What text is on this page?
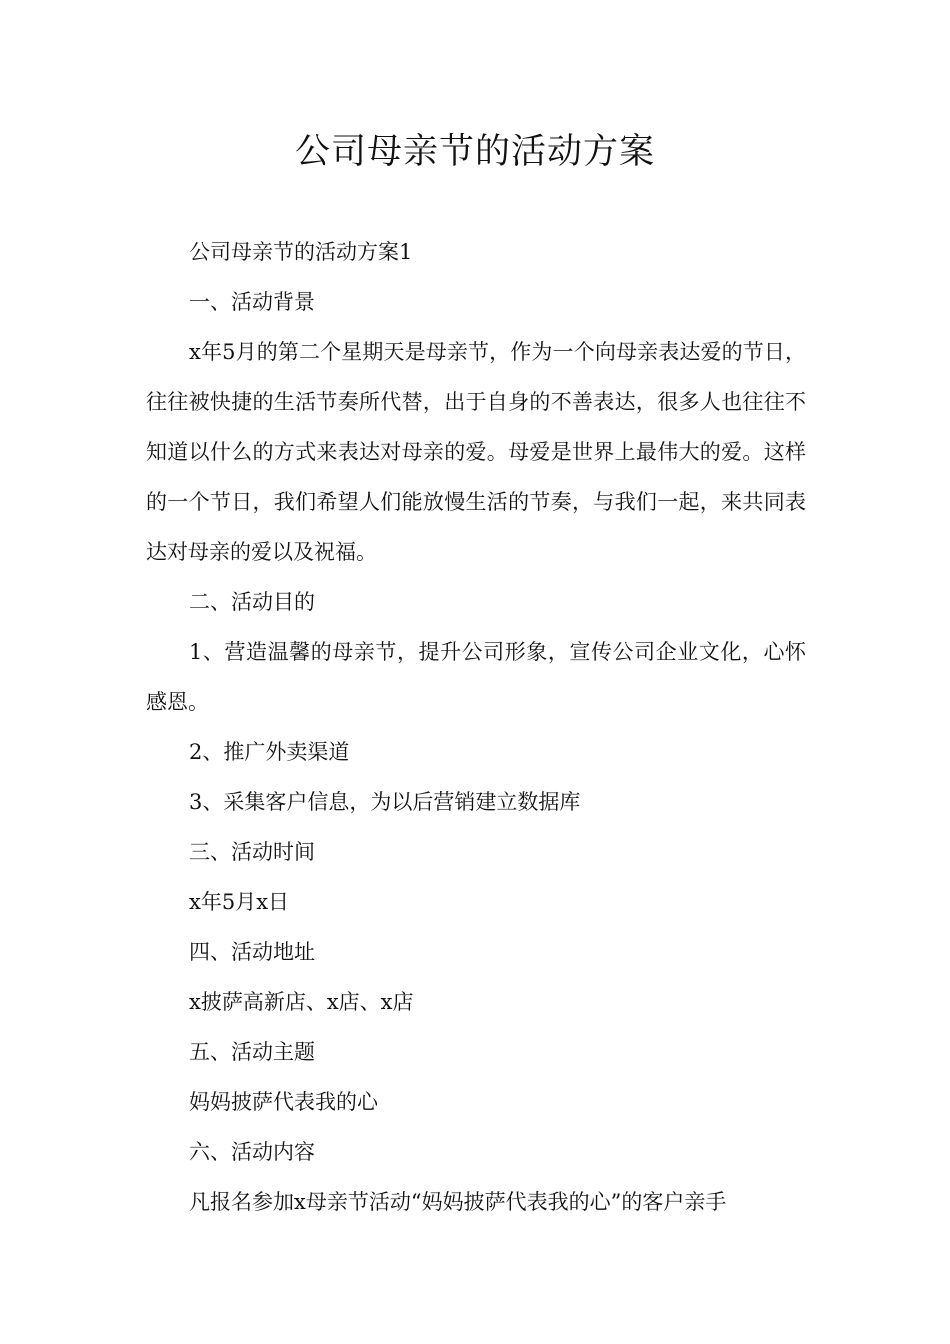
公司母亲节的活动方案

公司母亲节的活动方案1

一、活动背景

x年5月的第二个星期天是母亲节，作为一个向母亲表达爱的节日，往往被快捷的生活节奏所代替，出于自身的不善表达，很多人也往往不知道以什么的方式来表达对母亲的爱。母爱是世界上最伟大的爱。这样的一个节日，我们希望人们能放慢生活的节奏，与我们一起，来共同表达对母亲的爱以及祝福。

二、活动目的

1、营造温馨的母亲节，提升公司形象，宣传公司企业文化，心怀感恩。

2、推广外卖渠道

3、采集客户信息，为以后营销建立数据库

三、活动时间

x年5月x日

四、活动地址

x披萨高新店、x店、x店

五、活动主题

妈妈披萨代表我的心

六、活动内容

凡报名参加x母亲节活动“妈妈披萨代表我的心”的客户亲手
